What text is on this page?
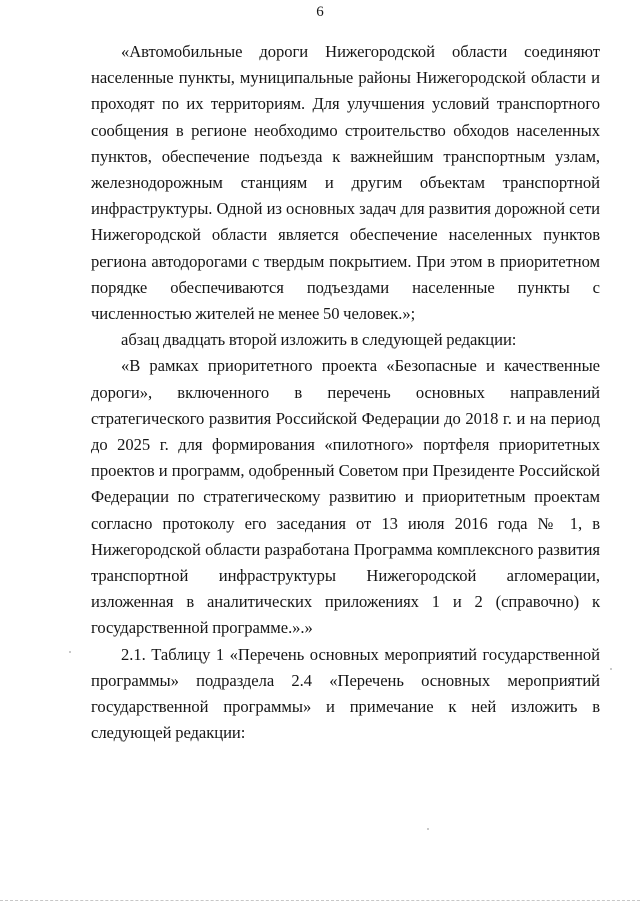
6

«Автомобильные дороги Нижегородской области соединяют населенные пункты, муниципальные районы Нижегородской области и проходят по их территориям. Для улучшения условий транспортного сообщения в регионе необходимо строительство обходов населенных пунктов, обеспечение подъезда к важнейшим транспортным узлам, железнодорожным станциям и другим объектам транспортной инфраструктуры. Одной из основных задач для развития дорожной сети Нижегородской области является обеспечение населенных пунктов региона автодорогами с твердым покрытием. При этом в приоритетном порядке обеспечиваются подъездами населенные пункты с численностью жителей не менее 50 человек.»;

абзац двадцать второй изложить в следующей редакции:

«В рамках приоритетного проекта «Безопасные и качественные дороги», включенного в перечень основных направлений стратегического развития Российской Федерации до 2018 г. и на период до 2025 г. для формирования «пилотного» портфеля приоритетных проектов и программ, одобренный Советом при Президенте Российской Федерации по стратегическому развитию и приоритетным проектам согласно протоколу его заседания от 13 июля 2016 года № 1, в Нижегородской области разработана Программа комплексного развития транспортной инфраструктуры Нижегородской агломерации, изложенная в аналитических приложениях 1 и 2 (справочно) к государственной программе.».»

2.1. Таблицу 1 «Перечень основных мероприятий государственной программы» подраздела 2.4 «Перечень основных мероприятий государственной программы» и примечание к ней изложить в следующей редакции:
